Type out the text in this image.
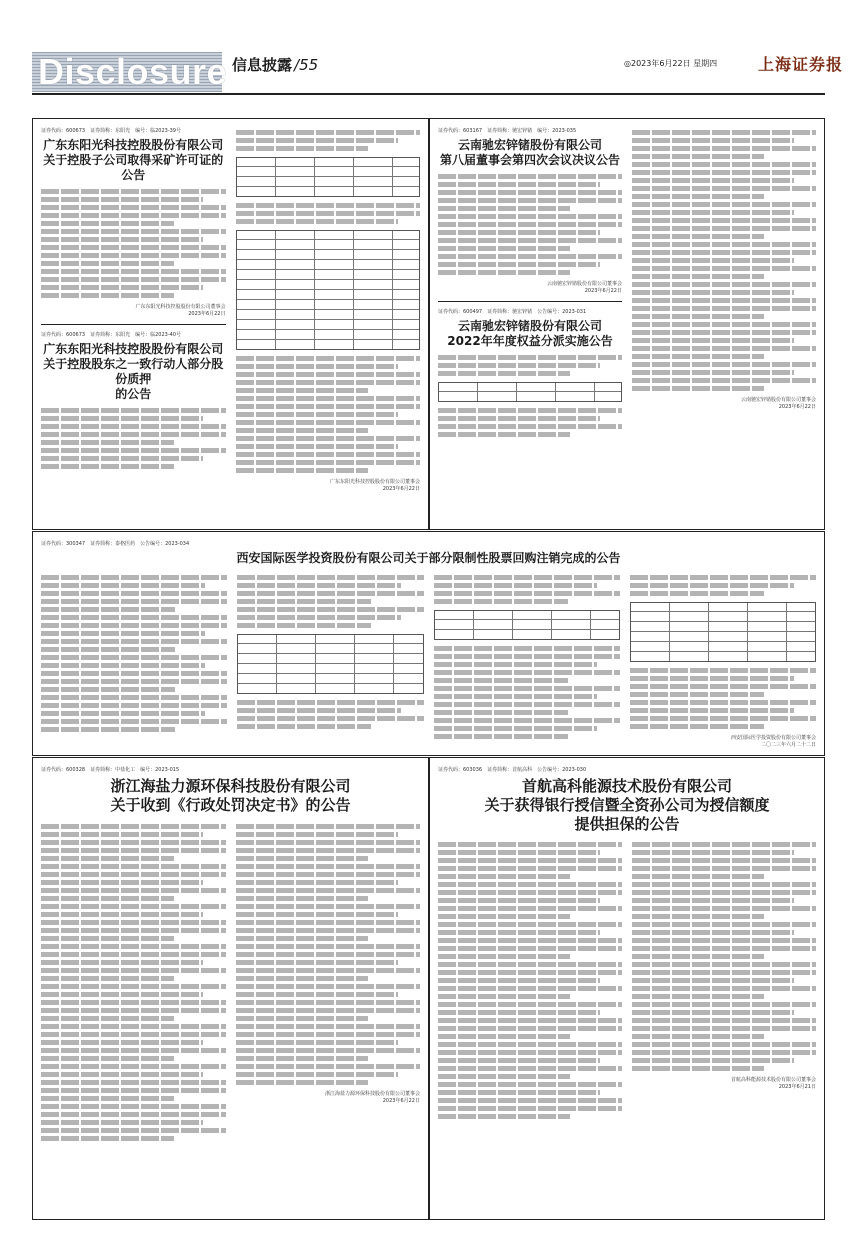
Disclosure 信息披露 /55	◎2023年6月22日 星期四	上海证券报
证券代码：600673　证券简称：东阳光　编号：临2023-39号
广东东阳光科技控股股份有限公司
关于控股子公司取得采矿许可证的公告
广东东阳光科技控股股份有限公司董事会
2023年6月22日
证券代码：600673　证券简称：东阳光　编号：临2023-40号
广东东阳光科技控股股份有限公司
关于控股股东之一致行动人部分股份质押
的公告
广东东阳光科技控股股份有限公司董事会
2023年6月22日
证券代码：603167　证券简称：驰宏锌锗　编号：2023-035
云南驰宏锌锗股份有限公司
第八届董事会第四次会议决议公告
云南驰宏锌锗股份有限公司董事会
2023年6月22日
证券代码：600497　证券简称：驰宏锌锗　公告编号：2023-031
云南驰宏锌锗股份有限公司
2022年年度权益分派实施公告
云南驰宏锌锗股份有限公司董事会
2023年6月22日
证券代码：300347　证券简称：泰格医药　公告编号：2023-034
西安国际医学投资股份有限公司关于部分限制性股票回购注销完成的公告
西安国际医学投资股份有限公司董事会
二〇二三年六月二十二日
证券代码：600328　证券简称：中盐化工　编号：2023-015
浙江海盐力源环保科技股份有限公司
关于收到《行政处罚决定书》的公告
浙江海盐力源环保科技股份有限公司董事会
2023年6月22日
证券代码：603036　证券简称：首航高科　公告编号：2023-030
首航高科能源技术股份有限公司
关于获得银行授信暨全资孙公司为授信额度
提供担保的公告
首航高科能源技术股份有限公司董事会
2023年6月21日
